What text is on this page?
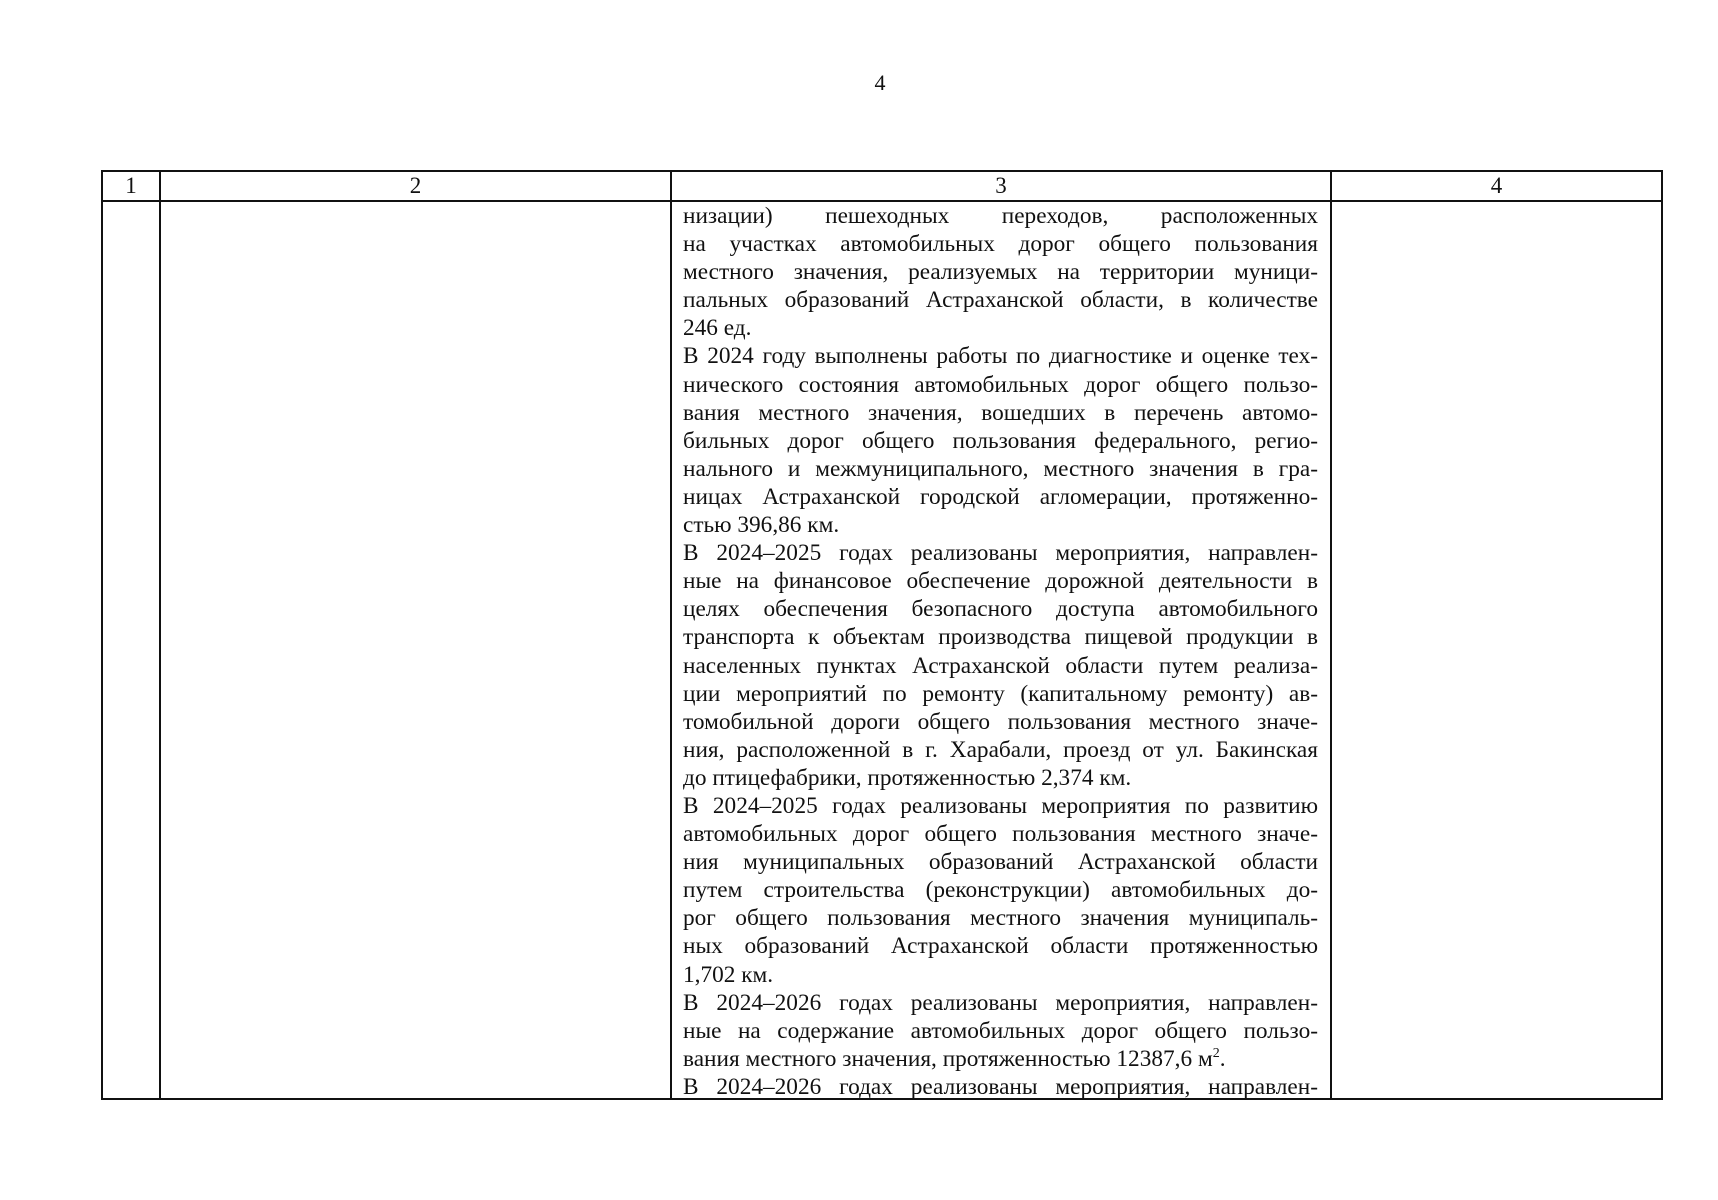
4
1	2	3	4
низации) пешеходных переходов, расположенных
на участках автомобильных дорог общего пользования
местного значения, реализуемых на территории муници-
пальных образований Астраханской области, в количестве
246 ед.
В 2024 году выполнены работы по диагностике и оценке тех-
нического состояния автомобильных дорог общего пользо-
вания местного значения, вошедших в перечень автомо-
бильных дорог общего пользования федерального, регио-
нального и межмуниципального, местного значения в гра-
ницах Астраханской городской агломерации, протяженно-
стью 396,86 км.
В 2024–2025 годах реализованы мероприятия, направлен-
ные на финансовое обеспечение дорожной деятельности в
целях обеспечения безопасного доступа автомобильного
транспорта к объектам производства пищевой продукции в
населенных пунктах Астраханской области путем реализа-
ции мероприятий по ремонту (капитальному ремонту) ав-
томобильной дороги общего пользования местного значе-
ния, расположенной в г. Харабали, проезд от ул. Бакинская
до птицефабрики, протяженностью 2,374 км.
В 2024–2025 годах реализованы мероприятия по развитию
автомобильных дорог общего пользования местного значе-
ния муниципальных образований Астраханской области
путем строительства (реконструкции) автомобильных до-
рог общего пользования местного значения муниципаль-
ных образований Астраханской области протяженностью
1,702 км.
В 2024–2026 годах реализованы мероприятия, направлен-
ные на содержание автомобильных дорог общего пользо-
вания местного значения, протяженностью 12387,6 $м^2$.
В 2024–2026 годах реализованы мероприятия, направлен-
